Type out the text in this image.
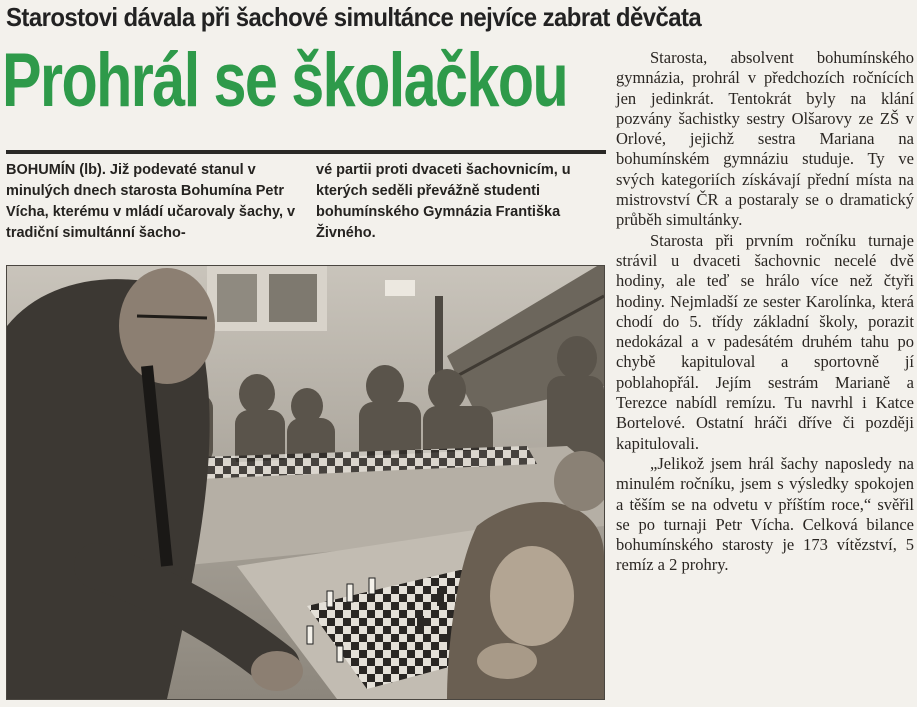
Starostovi dávala při šachové simultánce nejvíce zabrat děvčata
Prohrál se školačkou

BOHUMÍN (lb). Již podevaté stanul v minulých dnech starosta Bohumína Petr Vícha, kterému v mládí učarovaly šachy, v tradiční simultánní šacho-

vé partii proti dvaceti šachovnicím, u kterých seděli převážně studenti bohumínského Gymnázia Františka Živného.

Starosta, absolvent bohumínského gymnázia, prohrál v předchozích ročnících jen jedinkrát. Tentokrát byly na klání pozvány šachistky sestry Olšarovy ze ZŠ v Orlové, jejichž sestra Mariana na bohumínském gymnáziu studuje. Ty ve svých kategoriích získávají přední místa na mistrovství ČR a postaraly se o dramatický průběh simultánky.

Starosta při prvním ročníku turnaje strávil u dvaceti šachovnic necelé dvě hodiny, ale teď se hrálo více než čtyři hodiny. Nejmladší ze sester Karolínka, která chodí do 5. třídy základní školy, porazit nedokázal a v padesátém druhém tahu po chybě kapituloval a sportovně jí poblahopřál. Jejím sestrám Marianě a Terezce nabídl remízu. Tu navrhl i Katce Bortelové. Ostatní hráči dříve či později kapitulovali.

„Jelikož jsem hrál šachy naposledy na minulém ročníku, jsem s výsledky spokojen a těším se na odvetu v příštím roce,“ svěřil se po turnaji Petr Vícha. Celková bilance bohumínského starosty je 173 vítězství, 5 remíz a 2 prohry.
